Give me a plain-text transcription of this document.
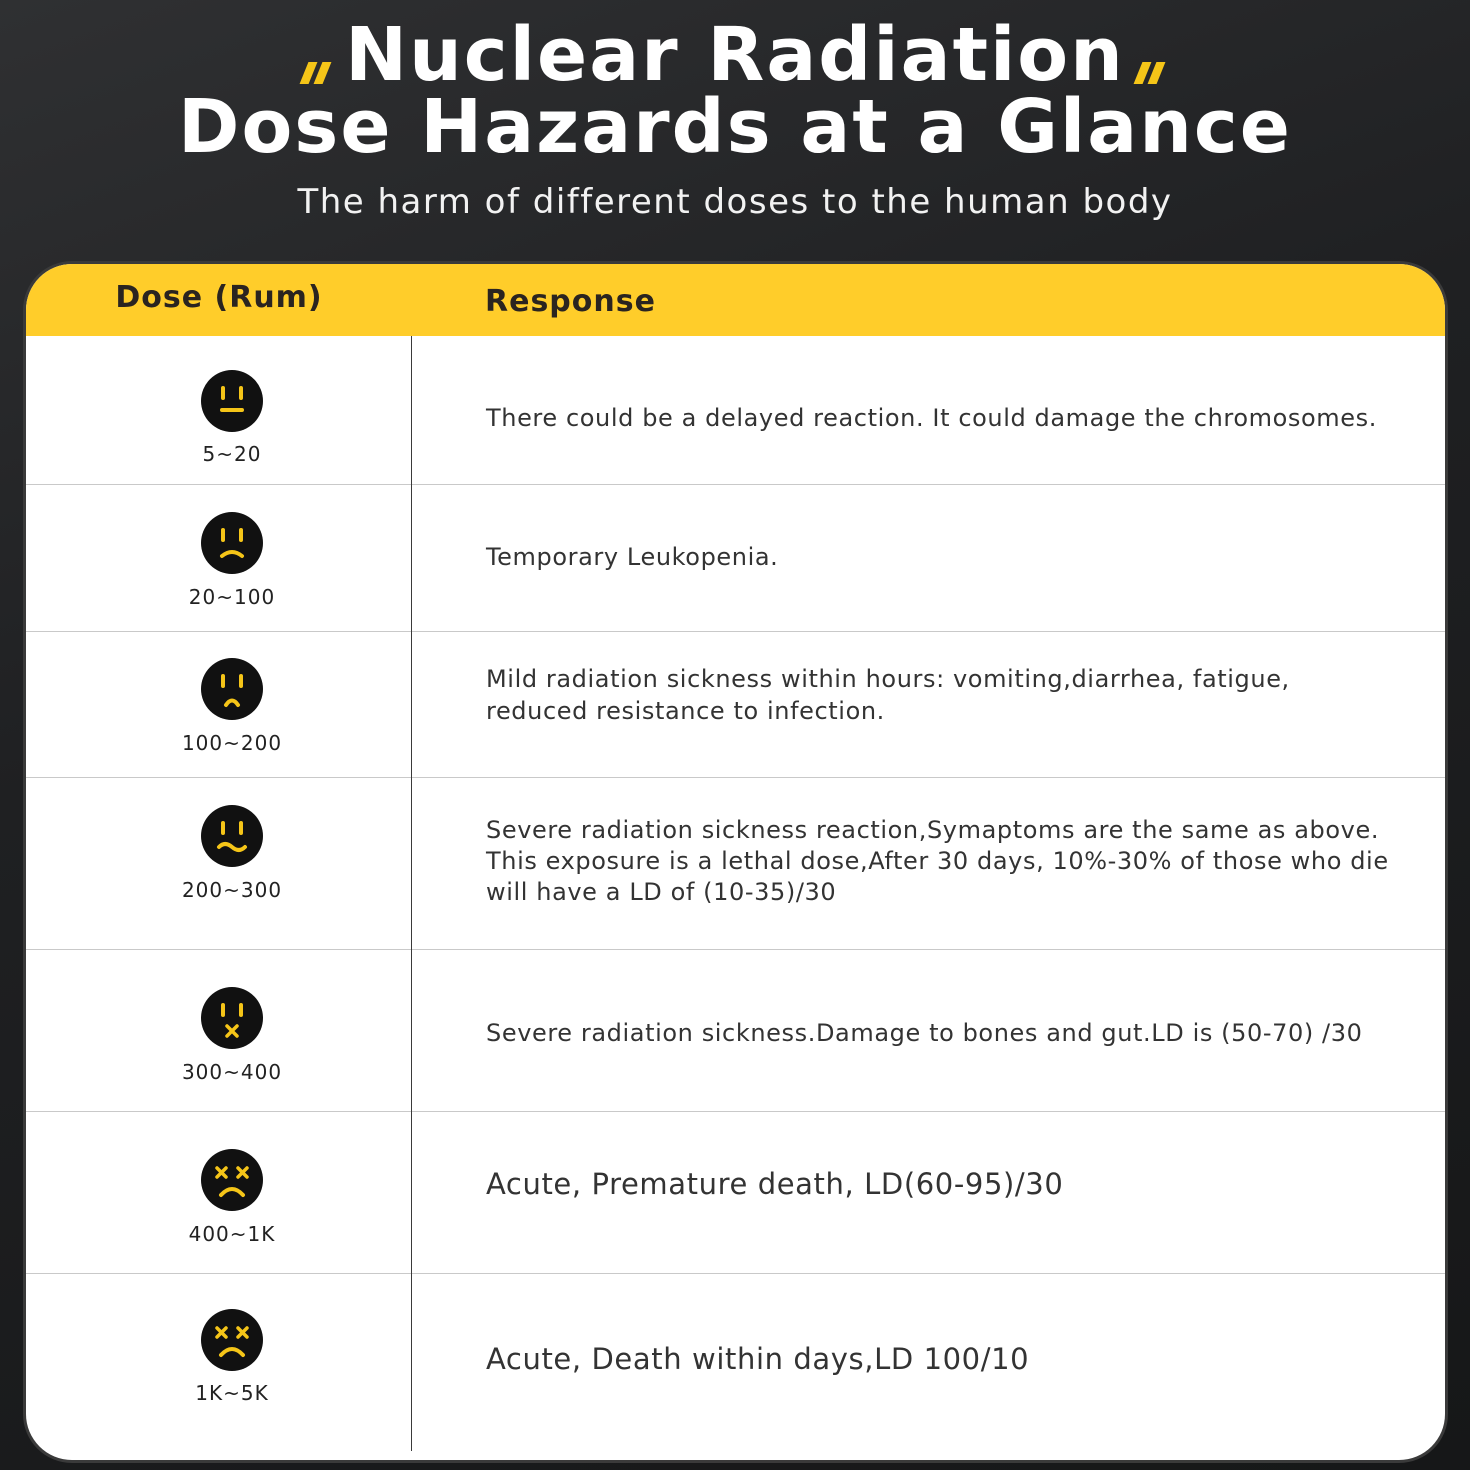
Nuclear Radiation
Dose Hazards at a Glance
The harm of different doses to the human body
Dose (Rum)	Response
5~20
There could be a delayed reaction. It could damage the chromosomes.
20~100
Temporary Leukopenia.
100~200
Mild radiation sickness within hours: vomiting,diarrhea, fatigue, reduced resistance to infection.
200~300
Severe radiation sickness reaction,Symaptoms are the same as above. This exposure is a lethal dose,After 30 days, 10%-30% of those who die will have a LD of (10-35)/30
300~400
Severe radiation sickness.Damage to bones and gut.LD is (50-70) /30
400~1K
Acute, Premature death, LD(60-95)/30
1K~5K
Acute, Death within days,LD 100/10
